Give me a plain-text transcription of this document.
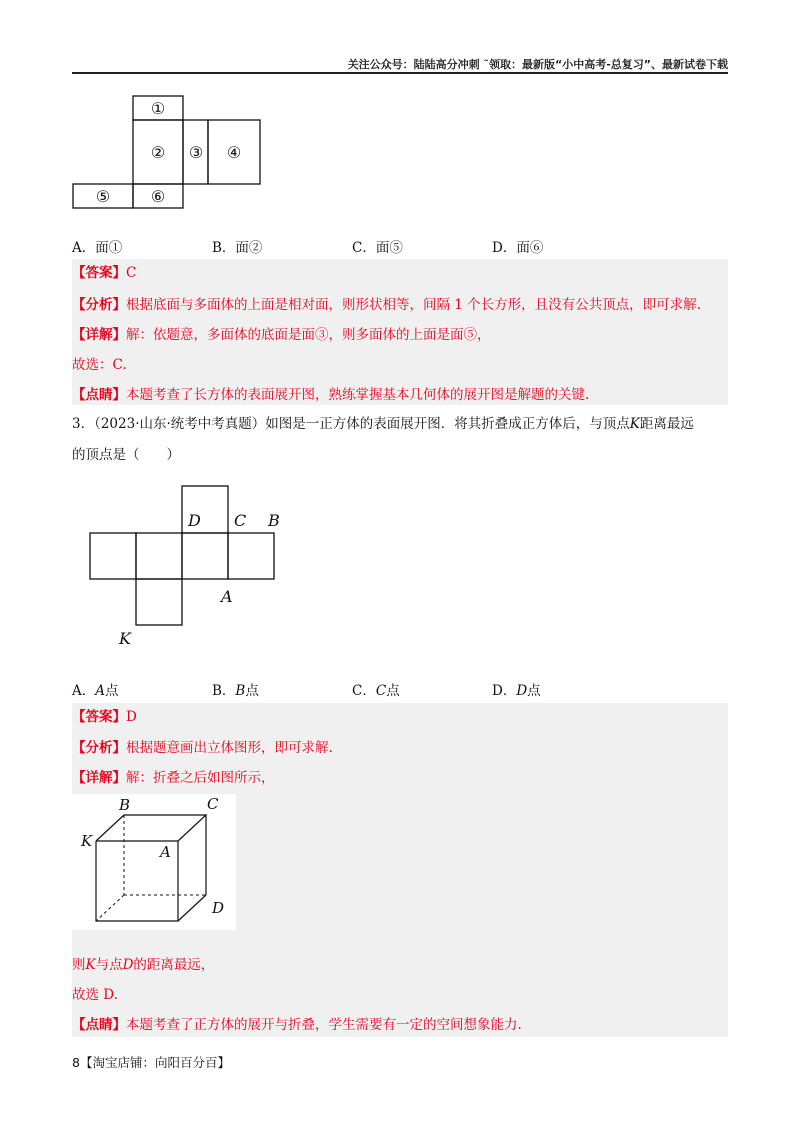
关注公众号：陆陆高分冲刺 ˜领取：最新版“小中高考-总复习”、最新试卷下载
①
② ③ ④
⑤	⑥
A．面①	B．面②	C．面⑤	D．面⑥
【答案】C
【分析】根据底面与多面体的上面是相对面，则形状相等，间隔 1 个长方形，且没有公共顶点，即可求解.
【详解】解：依题意，多面体的底面是面③，则多面体的上面是面⑤，
故选：C.
【点睛】本题考查了长方体的表面展开图，熟练掌握基本几何体的展开图是解题的关键.
3．（2023·山东·统考中考真题）如图是一正方体的表面展开图．将其折叠成正方体后，与顶点K距离最远
的顶点是（　　）
D C B
A
K
A．A点	B．B点	C．C点	D．D点
【答案】D
【分析】根据题意画出立体图形，即可求解.
【详解】解：折叠之后如图所示，
B	C
K
A
D
则K与点D的距离最远，
故选 D.
【点睛】本题考查了正方体的展开与折叠，学生需要有一定的空间想象能力.
8【淘宝店铺：向阳百分百】
